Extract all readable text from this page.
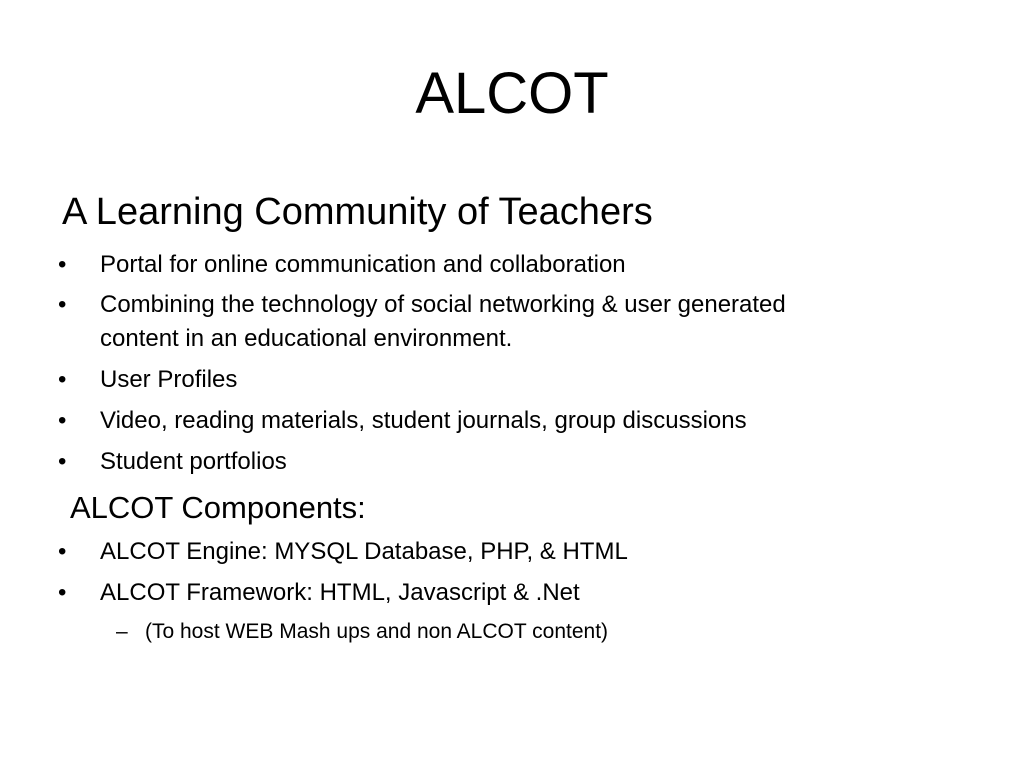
ALCOT
A Learning Community of Teachers
•	Portal for online communication and collaboration
•	Combining the technology of social networking & user generated
content in an educational environment.
•	User Profiles
•	Video, reading materials, student journals, group discussions
•	Student portfolios
ALCOT Components:
•	ALCOT Engine: MYSQL Database, PHP, & HTML
•	ALCOT Framework: HTML, Javascript & .Net
– (To host WEB Mash ups and non ALCOT content)
